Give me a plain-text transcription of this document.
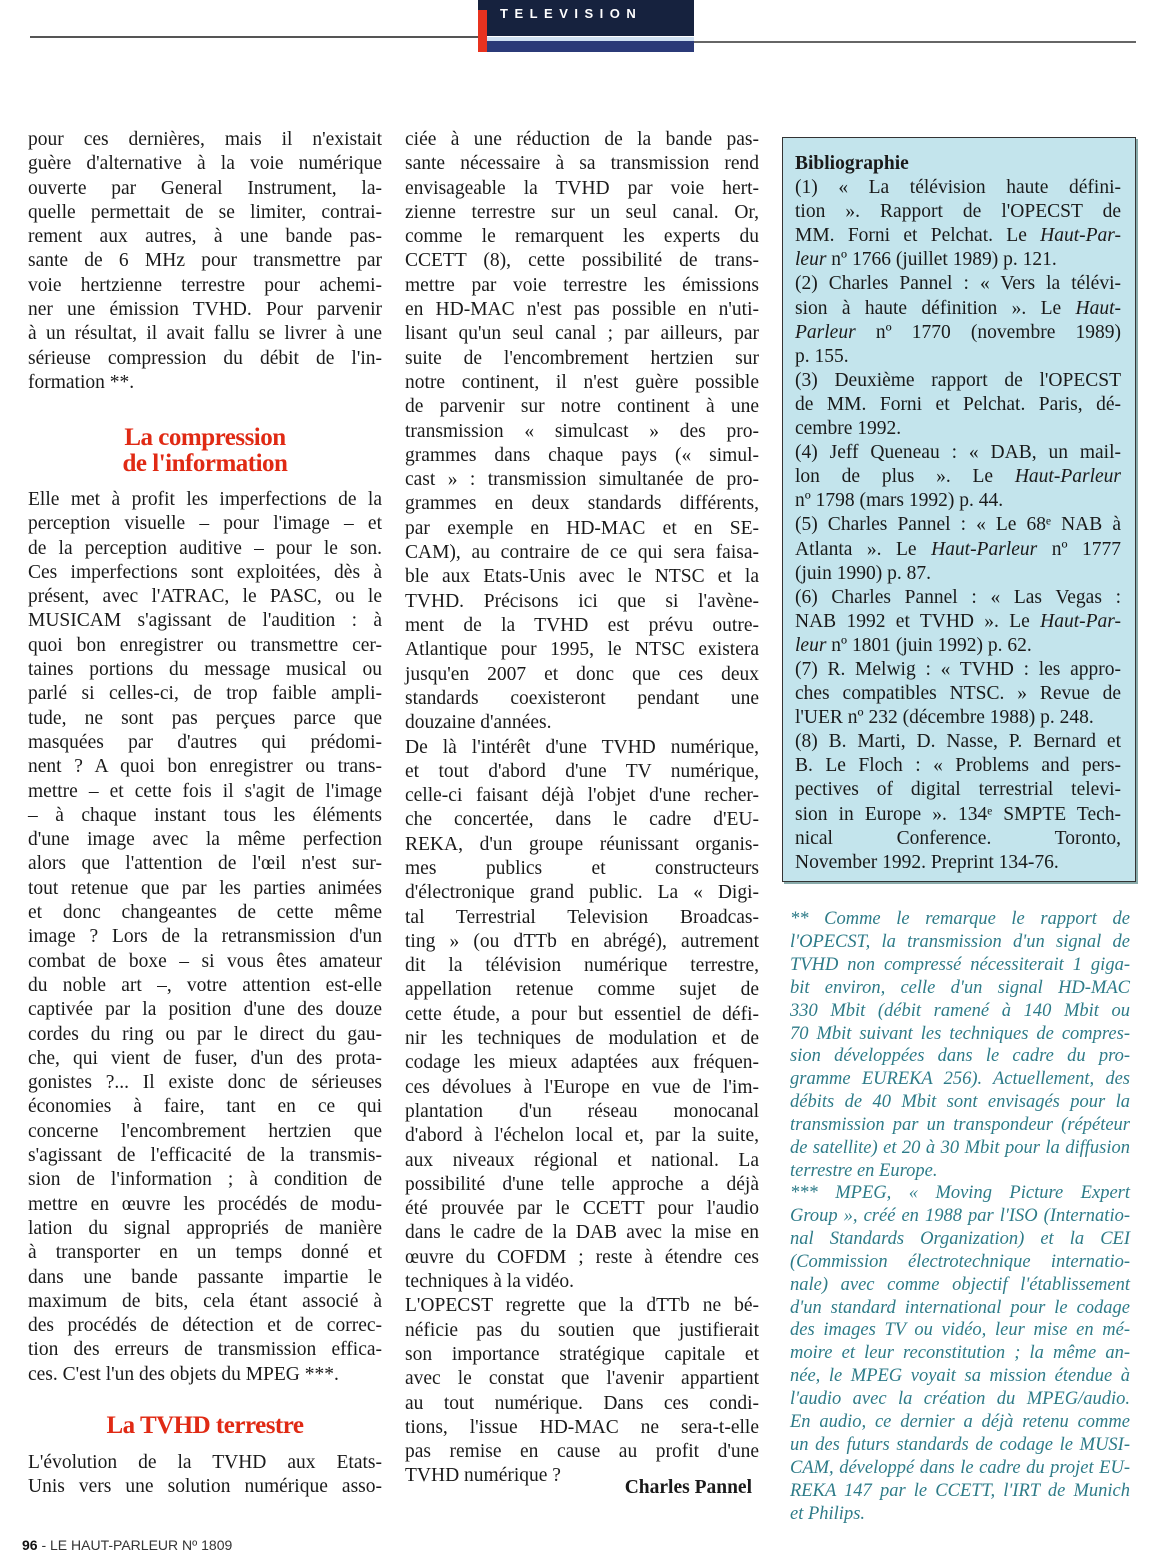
TELEVISION
pour ces dernières, mais il n'existait
guère d'alternative à la voie numérique
ouverte par General Instrument, la-
quelle permettait de se limiter, contrai-
rement aux autres, à une bande pas-
sante de 6 MHz pour transmettre par
voie hertzienne terrestre pour achemi-
ner une émission TVHD. Pour parvenir
à un résultat, il avait fallu se livrer à une
sérieuse compression du débit de l'in-
formation **.
La compression
de l'information
Elle met à profit les imperfections de la
perception visuelle – pour l'image – et
de la perception auditive – pour le son.
Ces imperfections sont exploitées, dès à
présent, avec l'ATRAC, le PASC, ou le
MUSICAM s'agissant de l'audition : à
quoi bon enregistrer ou transmettre cer-
taines portions du message musical ou
parlé si celles-ci, de trop faible ampli-
tude, ne sont pas perçues parce que
masquées par d'autres qui prédomi-
nent ? A quoi bon enregistrer ou trans-
mettre – et cette fois il s'agit de l'image
– à chaque instant tous les éléments
d'une image avec la même perfection
alors que l'attention de l'œil n'est sur-
tout retenue que par les parties animées
et donc changeantes de cette même
image ? Lors de la retransmission d'un
combat de boxe – si vous êtes amateur
du noble art –, votre attention est-elle
captivée par la position d'une des douze
cordes du ring ou par le direct du gau-
che, qui vient de fuser, d'un des prota-
gonistes ?... Il existe donc de sérieuses
économies à faire, tant en ce qui
concerne l'encombrement hertzien que
s'agissant de l'efficacité de la transmis-
sion de l'information ; à condition de
mettre en œuvre les procédés de modu-
lation du signal appropriés de manière
à transporter en un temps donné et
dans une bande passante impartie le
maximum de bits, cela étant associé à
des procédés de détection et de correc-
tion des erreurs de transmission effica-
ces. C'est l'un des objets du MPEG ***.
La TVHD terrestre
L'évolution de la TVHD aux Etats-
Unis vers une solution numérique asso-
ciée à une réduction de la bande pas-
sante nécessaire à sa transmission rend
envisageable la TVHD par voie hert-
zienne terrestre sur un seul canal. Or,
comme le remarquent les experts du
CCETT (8), cette possibilité de trans-
mettre par voie terrestre les émissions
en HD-MAC n'est pas possible en n'uti-
lisant qu'un seul canal ; par ailleurs, par
suite de l'encombrement hertzien sur
notre continent, il n'est guère possible
de parvenir sur notre continent à une
transmission « simulcast » des pro-
grammes dans chaque pays (« simul-
cast » : transmission simultanée de pro-
grammes en deux standards différents,
par exemple en HD-MAC et en SE-
CAM), au contraire de ce qui sera faisa-
ble aux Etats-Unis avec le NTSC et la
TVHD. Précisons ici que si l'avène-
ment de la TVHD est prévu outre-
Atlantique pour 1995, le NTSC existera
jusqu'en 2007 et donc que ces deux
standards coexisteront pendant une
douzaine d'années.
De là l'intérêt d'une TVHD numérique,
et tout d'abord d'une TV numérique,
celle-ci faisant déjà l'objet d'une recher-
che concertée, dans le cadre d'EU-
REKA, d'un groupe réunissant organis-
mes publics et constructeurs
d'électronique grand public. La « Digi-
tal Terrestrial Television Broadcas-
ting » (ou dTTb en abrégé), autrement
dit la télévision numérique terrestre,
appellation retenue comme sujet de
cette étude, a pour but essentiel de défi-
nir les techniques de modulation et de
codage les mieux adaptées aux fréquen-
ces dévolues à l'Europe en vue de l'im-
plantation d'un réseau monocanal
d'abord à l'échelon local et, par la suite,
aux niveaux régional et national. La
possibilité d'une telle approche a déjà
été prouvée par le CCETT pour l'audio
dans le cadre de la DAB avec la mise en
œuvre du COFDM ; reste à étendre ces
techniques à la vidéo.
L'OPECST regrette que la dTTb ne bé-
néficie pas du soutien que justifierait
son importance stratégique capitale et
avec le constat que l'avenir appartient
au tout numérique. Dans ces condi-
tions, l'issue HD-MAC ne sera-t-elle
pas remise en cause au profit d'une
TVHD numérique ?
Charles Pannel
Bibliographie
(1) « La télévision haute défini-
tion ». Rapport de l'OPECST de
MM. Forni et Pelchat. Le Haut-Par-
leur nº 1766 (juillet 1989) p. 121.
(2) Charles Pannel : « Vers la télévi-
sion à haute définition ». Le Haut-
Parleur nº 1770 (novembre 1989)
p. 155.
(3) Deuxième rapport de l'OPECST
de MM. Forni et Pelchat. Paris, dé-
cembre 1992.
(4) Jeff Queneau : « DAB, un mail-
lon de plus ». Le Haut-Parleur
nº 1798 (mars 1992) p. 44.
(5) Charles Pannel : « Le 68ᵉ NAB à
Atlanta ». Le Haut-Parleur nº 1777
(juin 1990) p. 87.
(6) Charles Pannel : « Las Vegas :
NAB 1992 et TVHD ». Le Haut-Par-
leur nº 1801 (juin 1992) p. 62.
(7) R. Melwig : « TVHD : les appro-
ches compatibles NTSC. » Revue de
l'UER nº 232 (décembre 1988) p. 248.
(8) B. Marti, D. Nasse, P. Bernard et
B. Le Floch : « Problems and pers-
pectives of digital terrestrial televi-
sion in Europe ». 134ᵉ SMPTE Tech-
nical Conference. Toronto,
November 1992. Preprint 134-76.
** Comme le remarque le rapport de
l'OPECST, la transmission d'un signal de
TVHD non compressé nécessiterait 1 giga-
bit environ, celle d'un signal HD-MAC
330 Mbit (débit ramené à 140 Mbit ou
70 Mbit suivant les techniques de compres-
sion développées dans le cadre du pro-
gramme EUREKA 256). Actuellement, des
débits de 40 Mbit sont envisagés pour la
transmission par un transpondeur (répéteur
de satellite) et 20 à 30 Mbit pour la diffusion
terrestre en Europe.
*** MPEG, « Moving Picture Expert
Group », créé en 1988 par l'ISO (Internatio-
nal Standards Organization) et la CEI
(Commission électrotechnique internatio-
nale) avec comme objectif l'établissement
d'un standard international pour le codage
des images TV ou vidéo, leur mise en mé-
moire et leur reconstitution ; la même an-
née, le MPEG voyait sa mission étendue à
l'audio avec la création du MPEG/audio.
En audio, ce dernier a déjà retenu comme
un des futurs standards de codage le MUSI-
CAM, développé dans le cadre du projet EU-
REKA 147 par le CCETT, l'IRT de Munich
et Philips.
96 - LE HAUT-PARLEUR Nº 1809
